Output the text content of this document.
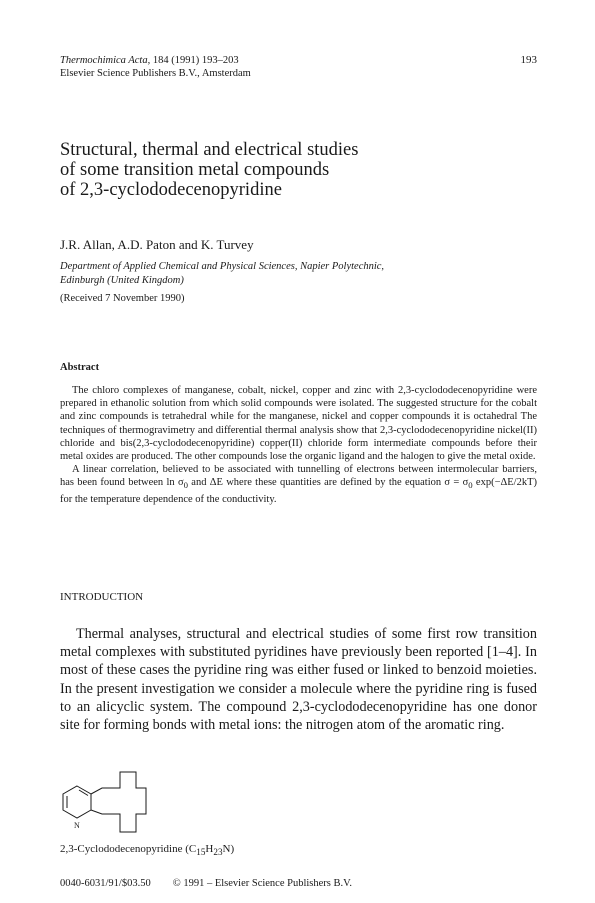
Thermochimica Acta, 184 (1991) 193–203
Elsevier Science Publishers B.V., Amsterdam
193
Structural, thermal and electrical studies
of some transition metal compounds
of 2,3-cyclododecenopyridine
J.R. Allan, A.D. Paton and K. Turvey
Department of Applied Chemical and Physical Sciences, Napier Polytechnic,
Edinburgh (United Kingdom)
(Received 7 November 1990)
Abstract

The chloro complexes of manganese, cobalt, nickel, copper and zinc with 2,3-cyclododecenopyridine were prepared in ethanolic solution from which solid compounds were isolated. The suggested structure for the cobalt and zinc compounds is tetrahedral while for the manganese, nickel and copper compounds it is octahedral The techniques of thermogravimetry and differential thermal analysis show that 2,3-cyclododecenopyridine nickel(II) chloride and bis(2,3-cyclododecenopyridine) copper(II) chloride form intermediate compounds before their metal oxides are produced. The other compounds lose the organic ligand and the halogen to give the metal oxide.

A linear correlation, believed to be associated with tunnelling of electrons between intermolecular barriers, has been found between $\ln \sigma_0$ and ΔE where these quantities are defined by the equation $\sigma = \sigma_0$ exp(−ΔE/2kT) for the temperature dependence of the conductivity.

INTRODUCTION

Thermal analyses, structural and electrical studies of some first row transition metal complexes with substituted pyridines have previously been reported [1–4]. In most of these cases the pyridine ring was either fused or linked to benzoid moieties. In the present investigation we consider a molecule where the pyridine ring is fused to an alicyclic system. The compound 2,3-cyclododecenopyridine has one donor site for forming bonds with metal ions: the nitrogen atom of the aromatic ring.

N
2,3-Cyclododecenopyridine $(C_{15}H_{23}N)$
0040-6031/91/$03.50 © 1991 – Elsevier Science Publishers B.V.
